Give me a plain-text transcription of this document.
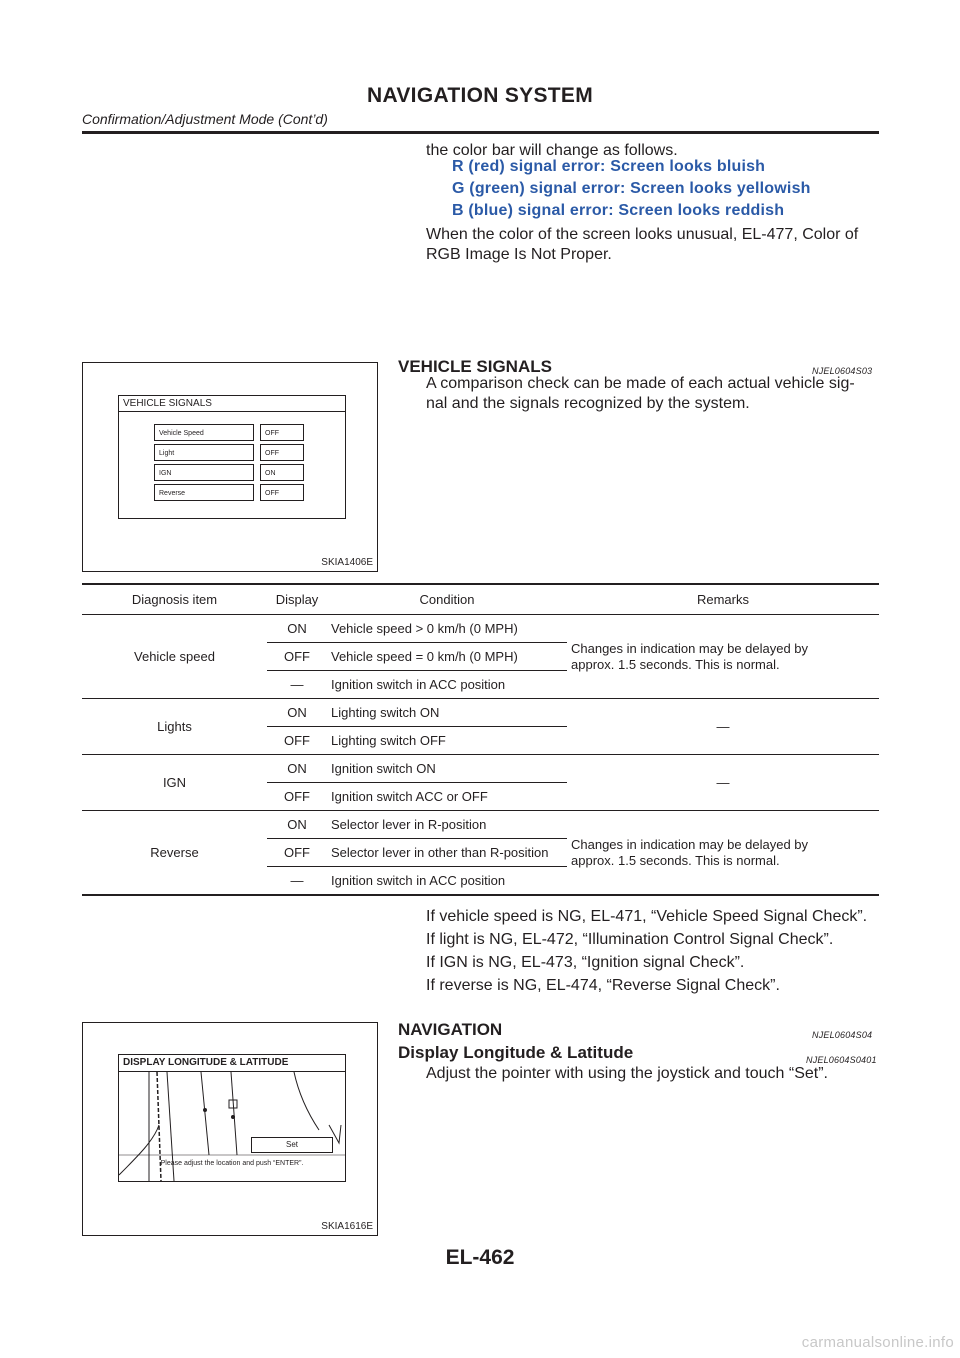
NAVIGATION SYSTEM
Confirmation/Adjustment Mode (Cont’d)
the color bar will change as follows.
R (red) signal error: Screen looks bluish
G (green) signal error: Screen looks yellowish
B (blue) signal error: Screen looks reddish
When the color of the screen looks unusual, EL-477, Color of
RGB Image Is Not Proper.
VEHICLE SIGNALS
Vehicle Speed	OFF
Light	OFF
IGN	ON
Reverse	OFF
SKIA1406E
VEHICLE SIGNALS	NJEL0604S03
A comparison check can be made of each actual vehicle sig-
nal and the signals recognized by the system.
Diagnosis item	Display	Condition	Remarks
Vehicle speed	ON	Vehicle speed > 0 km/h (0 MPH)	Changes in indication may be delayed by
approx. 1.5 seconds. This is normal.

	OFF	Vehicle speed = 0 km/h (0 MPH)	
	—	Ignition switch in ACC position	
Lights	ON	Lighting switch ON	—
	OFF	Lighting switch OFF	
IGN	ON	Ignition switch ON	—
	OFF	Ignition switch ACC or OFF	
Reverse	ON	Selector lever in R-position	Changes in indication may be delayed by
approx. 1.5 seconds. This is normal.

	OFF	Selector lever in other than R-position	
	—	Ignition switch in ACC position	
If vehicle speed is NG, EL-471, “Vehicle Speed Signal Check”.
If light is NG, EL-472, “Illumination Control Signal Check”.
If IGN is NG, EL-473, “Ignition signal Check”.
If reverse is NG, EL-474, “Reverse Signal Check”.
DISPLAY LONGITUDE & LATITUDE
Set
Please adjust the location and push “ENTER”.
SKIA1616E
NAVIGATION	NJEL0604S04
Display Longitude & Latitude	NJEL0604S0401
Adjust the pointer with using the joystick and touch “Set”.
EL-462
carmanualsonline.info
